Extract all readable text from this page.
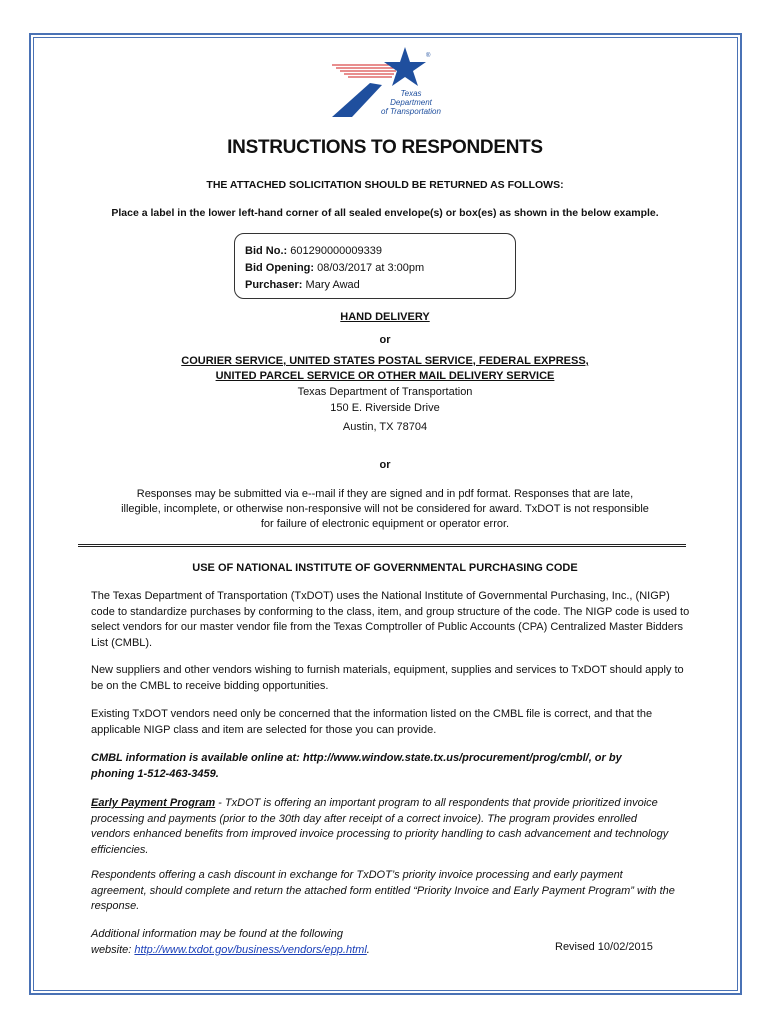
®
Texas
Department
of Transportation
INSTRUCTIONS TO RESPONDENTS
THE ATTACHED SOLICITATION SHOULD BE RETURNED AS FOLLOWS:
Place a label in the lower left-hand corner of all sealed envelope(s) or box(es) as shown in the below example.
Bid No.: 601290000009339
Bid Opening: 08/03/2017 at 3:00pm
Purchaser: Mary Awad
HAND DELIVERY
or
COURIER SERVICE, UNITED STATES POSTAL SERVICE, FEDERAL EXPRESS,
UNITED PARCEL SERVICE OR OTHER MAIL DELIVERY SERVICE
Texas Department of Transportation
150 E. Riverside Drive
Austin, TX 78704
or
Responses may be submitted via e--mail if they are signed and in pdf format. Responses that are late,
illegible, incomplete, or otherwise non-responsive will not be considered for award. TxDOT is not responsible
for failure of electronic equipment or operator error.
USE OF NATIONAL INSTITUTE OF GOVERNMENTAL PURCHASING CODE
The Texas Department of Transportation (TxDOT) uses the National Institute of Governmental Purchasing, Inc., (NIGP) code to standardize purchases by conforming to the class, item, and group structure of the code. The NIGP code is used to select vendors for our master vendor file from the Texas Comptroller of Public Accounts (CPA) Centralized Master Bidders List (CMBL).
New suppliers and other vendors wishing to furnish materials, equipment, supplies and services to TxDOT should apply to be on the CMBL to receive bidding opportunities.
Existing TxDOT vendors need only be concerned that the information listed on the CMBL file is correct, and that the applicable NIGP class and item are selected for those you can provide.
CMBL information is available online at: http://www.window.state.tx.us/procurement/prog/cmbl/, or by phoning 1-512-463-3459.
Early Payment Program - TxDOT is offering an important program to all respondents that provide prioritized invoice processing and payments (prior to the 30th day after receipt of a correct invoice). The program provides enrolled vendors enhanced benefits from improved invoice processing to priority handling to cash advancement and technology efficiencies.
Respondents offering a cash discount in exchange for TxDOT’s priority invoice processing and early payment agreement, should complete and return the attached form entitled “Priority Invoice and Early Payment Program” with the response.
Additional information may be found at the following
website: http://www.txdot.gov/business/vendors/epp.html.	Revised 10/02/2015
